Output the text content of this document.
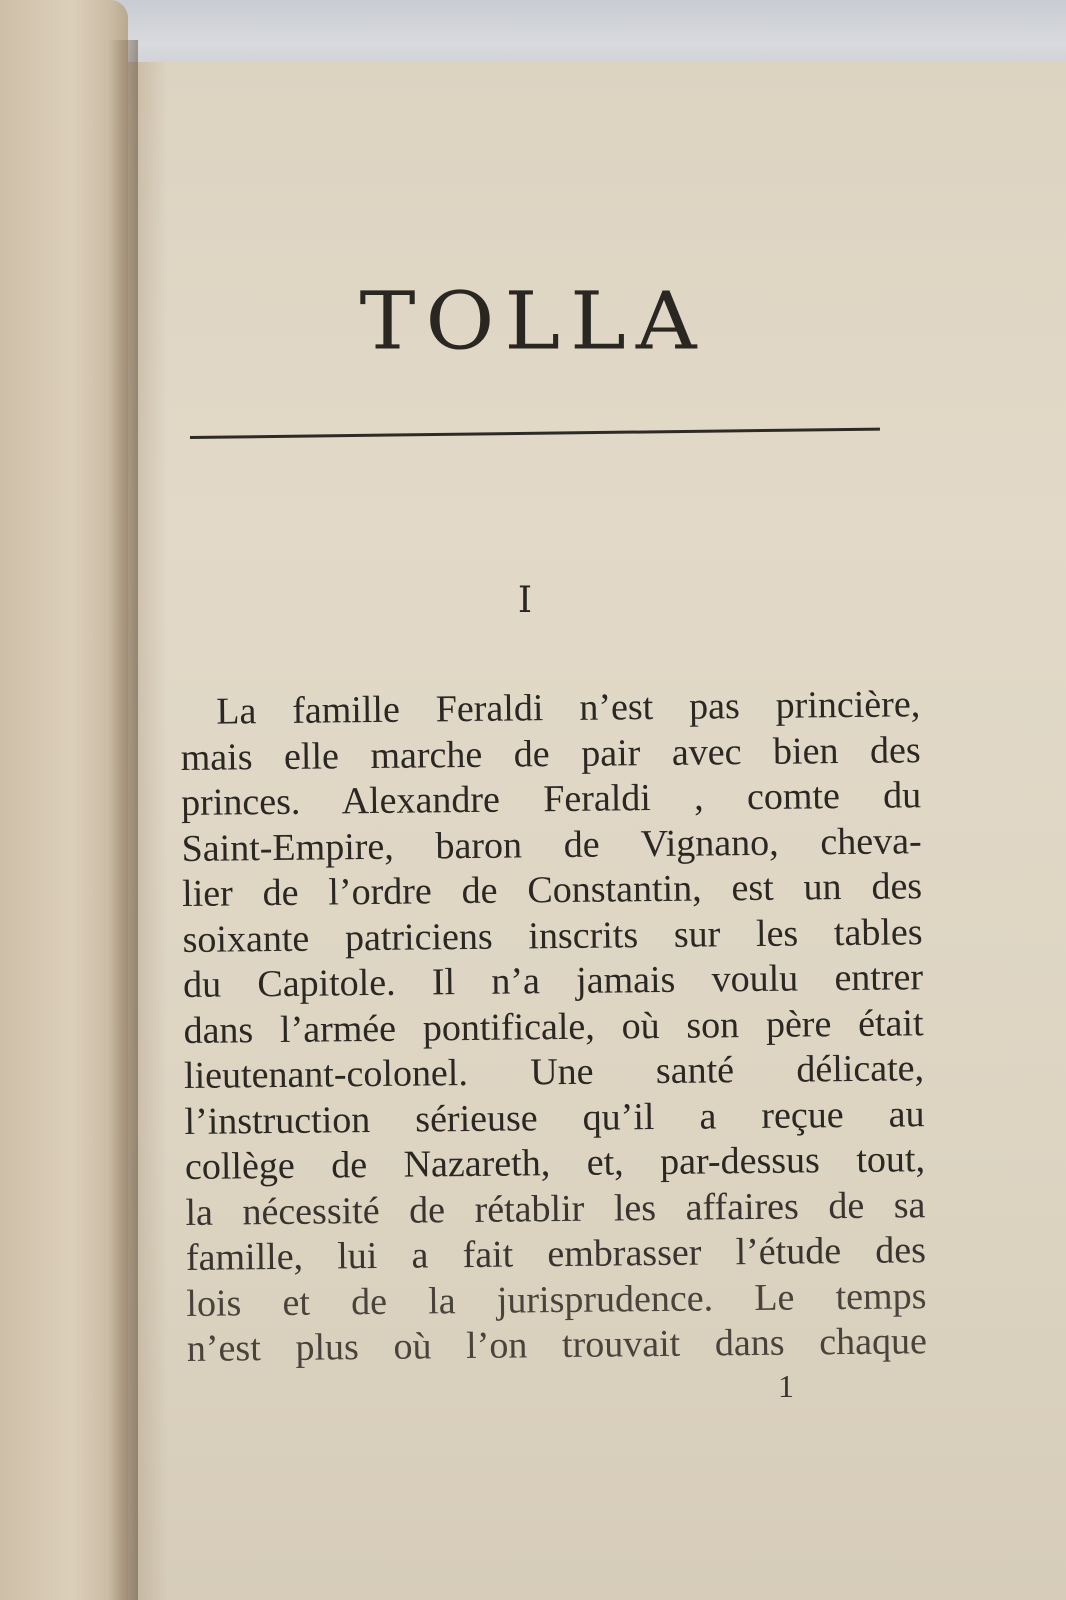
TOLLA
I
La famille Feraldi n’est pas princière,
mais elle marche de pair avec bien des
princes. Alexandre Feraldi , comte du
Saint-Empire, baron de Vignano, cheva-
lier de l’ordre de Constantin, est un des
soixante patriciens inscrits sur les tables
du Capitole. Il n’a jamais voulu entrer
dans l’armée pontificale, où son père était
lieutenant-colonel. Une santé délicate,
l’instruction sérieuse qu’il a reçue au
collège de Nazareth, et, par-dessus tout,
la nécessité de rétablir les affaires de sa
famille, lui a fait embrasser l’étude des
lois et de la jurisprudence. Le temps
n’est plus où l’on trouvait dans chaque
1
